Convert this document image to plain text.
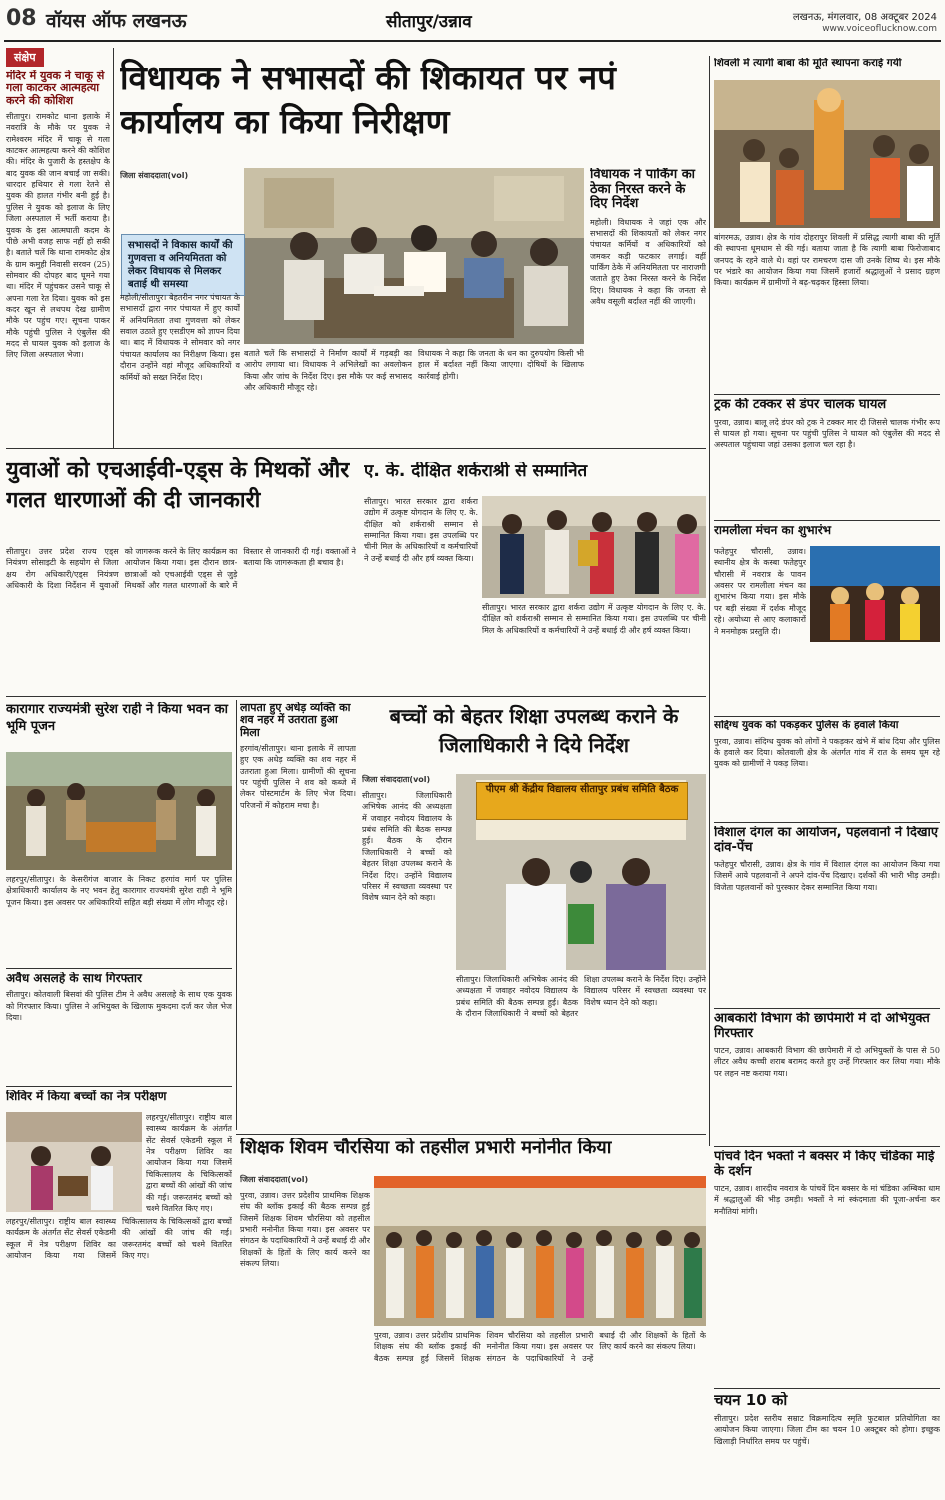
08 वॉयस ऑफ लखनऊ	सीतापुर/उन्नाव	लखनऊ, मंगलवार, 08 अक्टूबर 2024
www.voiceoflucknow.com
संक्षेप
मंदिर में युवक ने चाकू से गला काटकर आत्महत्या करने की कोशिश

सीतापुर। रामकोट थाना इलाके में नवरात्रि के मौके पर युवक ने रामेश्वरम मंदिर में चाकू से गला काटकर आत्महत्या करने की कोशिश की। मंदिर के पुजारी के हस्तक्षेप के बाद युवक की जान बचाई जा सकी। धारदार हथियार से गला रेतने से युवक की हालत गंभीर बनी हुई है। पुलिस ने युवक को इलाज के लिए जिला अस्पताल में भर्ती कराया है। युवक के इस आत्मघाती कदम के पीछे अभी वजह साफ नहीं हो सकी है। बताते चलें कि थाना रामकोट क्षेत्र के ग्राम कमुही निवासी सरवन (25) सोमवार की दोपहर बाद घूमने गया था। मंदिर में पहुंचकर उसने चाकू से अपना गला रेत दिया। युवक को इस कदर खून से लथपथ देख ग्रामीण मौके पर पहुंच गए। सूचना पाकर मौके पहुंची पुलिस ने एंबुलेंस की मदद से घायल युवक को इलाज के लिए जिला अस्पताल भेजा।

विधायक ने सभासदों की शिकायत पर नपं कार्यालय का किया निरीक्षण

जिला संवाददाता(vol)

सभासदों ने विकास कार्यों की गुणवत्ता व अनियमितता को लेकर विधायक से मिलकर बताई थी समस्या

महोली/सीतापुर। बेहतरीन नगर पंचायत के सभासदों द्वारा नगर पंचायत में हुए कार्यों में अनियमितता तथा गुणवत्ता को लेकर सवाल उठाते हुए एसडीएम को ज्ञापन दिया था। बाद में विधायक ने सोमवार को नगर पंचायत कार्यालय का निरीक्षण किया। इस दौरान उन्होंने वहां मौजूद अधिकारियों व कर्मियों को सख्त निर्देश दिए।

बताते चलें कि सभासदों ने निर्माण कार्यों में गड़बड़ी का आरोप लगाया था। विधायक ने अभिलेखों का अवलोकन किया और जांच के निर्देश दिए। इस मौके पर कई सभासद और अधिकारी मौजूद रहे।

विधायक ने कहा कि जनता के धन का दुरुपयोग किसी भी हाल में बर्दाश्त नहीं किया जाएगा। दोषियों के खिलाफ कार्रवाई होगी।

विधायक ने पार्किंग का ठेका निरस्त करने के दिए निर्देश

महोली। विधायक ने जहां एक और सभासदों की शिकायतों को लेकर नगर पंचायत कर्मियों व अधिकारियों को जमकर कड़ी फटकार लगाई। वहीं पार्किंग ठेके में अनियमितता पर नाराजगी जताते हुए ठेका निरस्त करने के निर्देश दिए। विधायक ने कहा कि जनता से अवैध वसूली बर्दाश्त नहीं की जाएगी।

शिवली में त्यागी बाबा की मूर्ति स्थापना कराई गयी

बांगरमऊ, उन्नाव। क्षेत्र के गांव दोहरापुर शिवली में प्रसिद्ध त्यागी बाबा की मूर्ति की स्थापना धूमधाम से की गई। बताया जाता है कि त्यागी बाबा फिरोजाबाद जनपद के रहने वाले थे। वहां पर रामचरण दास जी उनके शिष्य थे। इस मौके पर भंडारे का आयोजन किया गया जिसमें हजारों श्रद्धालुओं ने प्रसाद ग्रहण किया। कार्यक्रम में ग्रामीणों ने बढ़-चढ़कर हिस्सा लिया।

ट्रक की टक्कर से डंपर चालक घायल

पुरवा, उन्नाव। बालू लदे डंपर को ट्रक ने टक्कर मार दी जिससे चालक गंभीर रूप से घायल हो गया। सूचना पर पहुंची पुलिस ने घायल को एंबुलेंस की मदद से अस्पताल पहुंचाया जहां उसका इलाज चल रहा है।

रामलीला मंचन का शुभारंभ

फतेहपुर चौरासी, उन्नाव। स्थानीय क्षेत्र के कस्बा फतेहपुर चौरासी में नवरात्र के पावन अवसर पर रामलीला मंचन का शुभारंभ किया गया। इस मौके पर बड़ी संख्या में दर्शक मौजूद रहे। अयोध्या से आए कलाकारों ने मनमोहक प्रस्तुति दी।

सद्दिग्ध युवक को पकड़कर पुलिस के हवाले किया

पुरवा, उन्नाव। संदिग्ध युवक को लोगों ने पकड़कर खंभे में बांध दिया और पुलिस के हवाले कर दिया। कोतवाली क्षेत्र के अंतर्गत गांव में रात के समय घूम रहे युवक को ग्रामीणों ने पकड़ लिया।

विशाल दंगल का आयोजन, पहलवानों ने दिखाए दांव-पेंच

फतेहपुर चौरासी, उन्नाव। क्षेत्र के गांव में विशाल दंगल का आयोजन किया गया जिसमें आये पहलवानों ने अपने दांव-पेंच दिखाए। दर्शकों की भारी भीड़ उमड़ी। विजेता पहलवानों को पुरस्कार देकर सम्मानित किया गया।

आबकारी विभाग की छापेमारी में दो अभियुक्त गिरफ्तार

पाटन, उन्नाव। आबकारी विभाग की छापेमारी में दो अभियुक्तों के पास से 50 लीटर अवैध कच्ची शराब बरामद करते हुए उन्हें गिरफ्तार कर लिया गया। मौके पर लहन नष्ट कराया गया।

पांचवे दिन भक्तों ने बक्सर में किए चंडिका माई के दर्शन

पाटन, उन्नाव। शारदीय नवरात्र के पांचवें दिन बक्सर के मां चंडिका अम्बिका धाम में श्रद्धालुओं की भीड़ उमड़ी। भक्तों ने मां स्कंदमाता की पूजा-अर्चना कर मनौतियां मांगी।

चयन 10 को

सीतापुर। प्रदेश स्तरीय सम्राट विक्रमादित्य स्मृति फुटबाल प्रतियोगिता का आयोजन किया जाएगा। जिला टीम का चयन 10 अक्टूबर को होगा। इच्छुक खिलाड़ी निर्धारित समय पर पहुंचें।

युवाओं को एचआईवी-एड्स के मिथकों और गलत धारणाओं की दी जानकारी

सीतापुर। उत्तर प्रदेश राज्य एड्स नियंत्रण सोसाइटी के सहयोग से जिला क्षय रोग अधिकारी/एड्स नियंत्रण अधिकारी के दिशा निर्देशन में युवाओं को जागरूक करने के लिए कार्यक्रम का आयोजन किया गया। इस दौरान छात्र-छात्राओं को एचआईवी एड्स से जुड़े मिथकों और गलत धारणाओं के बारे में विस्तार से जानकारी दी गई। वक्ताओं ने बताया कि जागरूकता ही बचाव है।

ए. के. दीक्षित शर्कराश्री से सम्मानित

सीतापुर। भारत सरकार द्वारा शर्करा उद्योग में उत्कृष्ट योगदान के लिए ए. के. दीक्षित को शर्कराश्री सम्मान से सम्मानित किया गया। इस उपलब्धि पर चीनी मिल के अधिकारियों व कर्मचारियों ने उन्हें बधाई दी और हर्ष व्यक्त किया।

सीतापुर। भारत सरकार द्वारा शर्करा उद्योग में उत्कृष्ट योगदान के लिए ए. के. दीक्षित को शर्कराश्री सम्मान से सम्मानित किया गया। इस उपलब्धि पर चीनी मिल के अधिकारियों व कर्मचारियों ने उन्हें बधाई दी और हर्ष व्यक्त किया।

कारागार राज्यमंत्री सुरेश राही ने किया भवन का भूमि पूजन

लहरपुर/सीतापुर। के केसरीगंज बाजार के निकट हरगांव मार्ग पर पुलिस क्षेत्राधिकारी कार्यालय के नए भवन हेतु कारागार राज्यमंत्री सुरेश राही ने भूमि पूजन किया। इस अवसर पर अधिकारियों सहित बड़ी संख्या में लोग मौजूद रहे।

अवैध असलहे के साथ गिरफ्तार

सीतापुर। कोतवाली बिसवां की पुलिस टीम ने अवैध असलहे के साथ एक युवक को गिरफ्तार किया। पुलिस ने अभियुक्त के खिलाफ मुकदमा दर्ज कर जेल भेज दिया।

लापता हुए अधेड़ व्यक्ति का शव नहर में उतराता हुआ मिला

हरगांव/सीतापुर। थाना इलाके में लापता हुए एक अधेड़ व्यक्ति का शव नहर में उतराता हुआ मिला। ग्रामीणों की सूचना पर पहुंची पुलिस ने शव को कब्जे में लेकर पोस्टमार्टम के लिए भेज दिया। परिजनों में कोहराम मचा है।

बच्चों को बेहतर शिक्षा उपलब्ध कराने के जिलाधिकारी ने दिये निर्देश

जिला संवाददाता(vol)

पीएम श्री केंद्रीय विद्यालय सीतापुर प्रबंध समिति बैठक

सीतापुर। जिलाधिकारी अभिषेक आनंद की अध्यक्षता में जवाहर नवोदय विद्यालय के प्रबंध समिति की बैठक सम्पन्न हुई। बैठक के दौरान जिलाधिकारी ने बच्चों को बेहतर शिक्षा उपलब्ध कराने के निर्देश दिए। उन्होंने विद्यालय परिसर में स्वच्छता व्यवस्था पर विशेष ध्यान देने को कहा।

सीतापुर। जिलाधिकारी अभिषेक आनंद की अध्यक्षता में जवाहर नवोदय विद्यालय के प्रबंध समिति की बैठक सम्पन्न हुई। बैठक के दौरान जिलाधिकारी ने बच्चों को बेहतर शिक्षा उपलब्ध कराने के निर्देश दिए। उन्होंने विद्यालय परिसर में स्वच्छता व्यवस्था पर विशेष ध्यान देने को कहा।

शिविर में किया बच्चों का नेत्र परीक्षण

लहरपुर/सीतापुर। राष्ट्रीय बाल स्वास्थ्य कार्यक्रम के अंतर्गत सेंट सेवर्स एकेडमी स्कूल में नेत्र परीक्षण शिविर का आयोजन किया गया जिसमें चिकित्सालय के चिकित्सकों द्वारा बच्चों की आंखों की जांच की गई। जरूरतमंद बच्चों को चश्मे वितरित किए गए।

लहरपुर/सीतापुर। राष्ट्रीय बाल स्वास्थ्य कार्यक्रम के अंतर्गत सेंट सेवर्स एकेडमी स्कूल में नेत्र परीक्षण शिविर का आयोजन किया गया जिसमें चिकित्सालय के चिकित्सकों द्वारा बच्चों की आंखों की जांच की गई। जरूरतमंद बच्चों को चश्मे वितरित किए गए।

शिक्षक शिवम चौरसिया को तहसील प्रभारी मनोनीत किया

जिला संवाददाता(vol)

पुरवा, उन्नाव। उत्तर प्रदेशीय प्राथमिक शिक्षक संघ की ब्लॉक इकाई की बैठक सम्पन्न हुई जिसमें शिक्षक शिवम चौरसिया को तहसील प्रभारी मनोनीत किया गया। इस अवसर पर संगठन के पदाधिकारियों ने उन्हें बधाई दी और शिक्षकों के हितों के लिए कार्य करने का संकल्प लिया।

पुरवा, उन्नाव। उत्तर प्रदेशीय प्राथमिक शिक्षक संघ की ब्लॉक इकाई की बैठक सम्पन्न हुई जिसमें शिक्षक शिवम चौरसिया को तहसील प्रभारी मनोनीत किया गया। इस अवसर पर संगठन के पदाधिकारियों ने उन्हें बधाई दी और शिक्षकों के हितों के लिए कार्य करने का संकल्प लिया।
